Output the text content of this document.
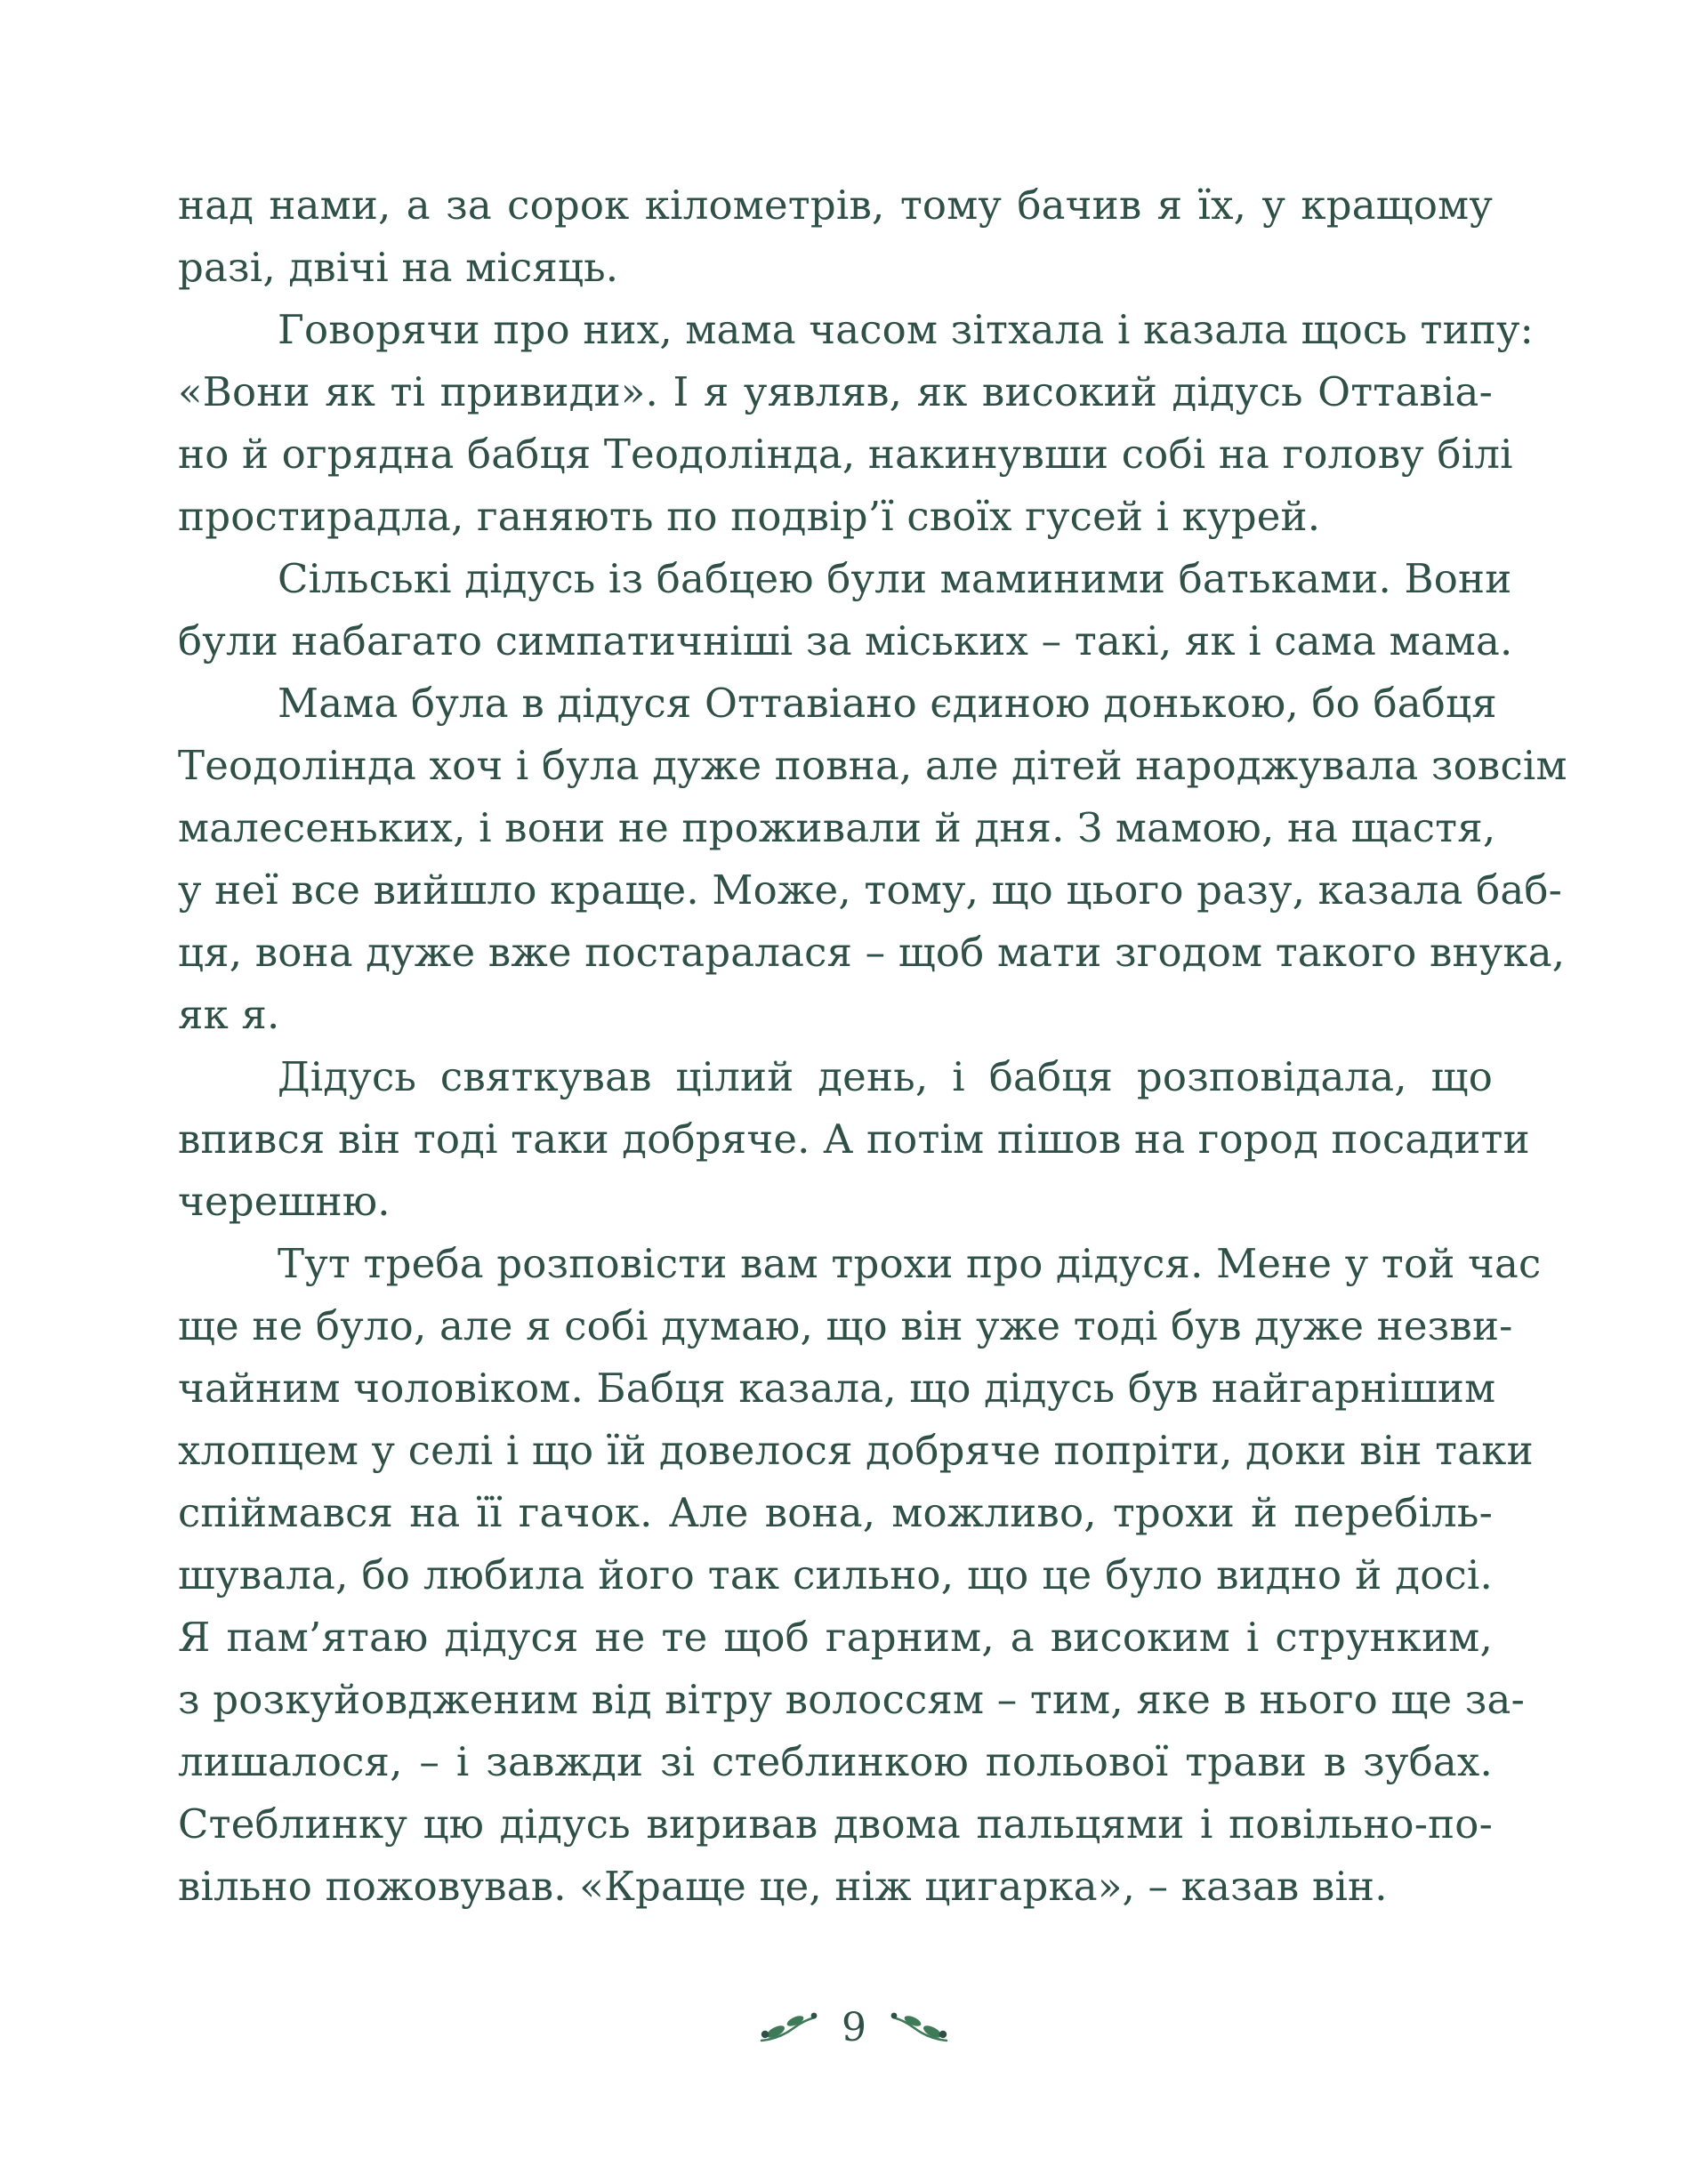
над нами, а за сорок кілометрів, тому бачив я їх, у кращому
разі, двічі на місяць.
Говорячи про них, мама часом зітхала і казала щось типу:
«Вони як ті привиди». І я уявляв, як високий дідусь Оттавіа-
но й огрядна бабця Теодолінда, накинувши собі на голову білі
простирадла, ганяють по подвір’ї своїх гусей і курей.
Сільські дідусь із бабцею були маминими батьками. Вони
були набагато симпатичніші за міських – такі, як і сама мама.
Мама була в дідуся Оттавіано єдиною донькою, бо бабця
Теодолінда хоч і була дуже повна, але дітей народжувала зовсім
малесеньких, і вони не проживали й дня. З мамою, на щастя,
у неї все вийшло краще. Може, тому, що цього разу, казала баб-
ця, вона дуже вже постаралася – щоб мати згодом такого внука,
як я.
Дідусь святкував цілий день, і бабця розповідала, що
впився він тоді таки добряче. А потім пішов на город посадити
черешню.
Тут треба розповісти вам трохи про дідуся. Мене у той час
ще не було, але я собі думаю, що він уже тоді був дуже незви-
чайним чоловіком. Бабця казала, що дідусь був найгарнішим
хлопцем у селі і що їй довелося добряче попріти, доки він таки
спіймався на її гачок. Але вона, можливо, трохи й перебіль-
шувала, бо любила його так сильно, що це було видно й досі.
Я пам’ятаю дідуся не те щоб гарним, а високим і струнким,
з розкуйовдженим від вітру волоссям – тим, яке в нього ще за-
лишалося, – і завжди зі стеблинкою польової трави в зубах.
Стеблинку цю дідусь виривав двома пальцями і повільно-по-
вільно пожовував. «Краще це, ніж цигарка», – казав він.
9
